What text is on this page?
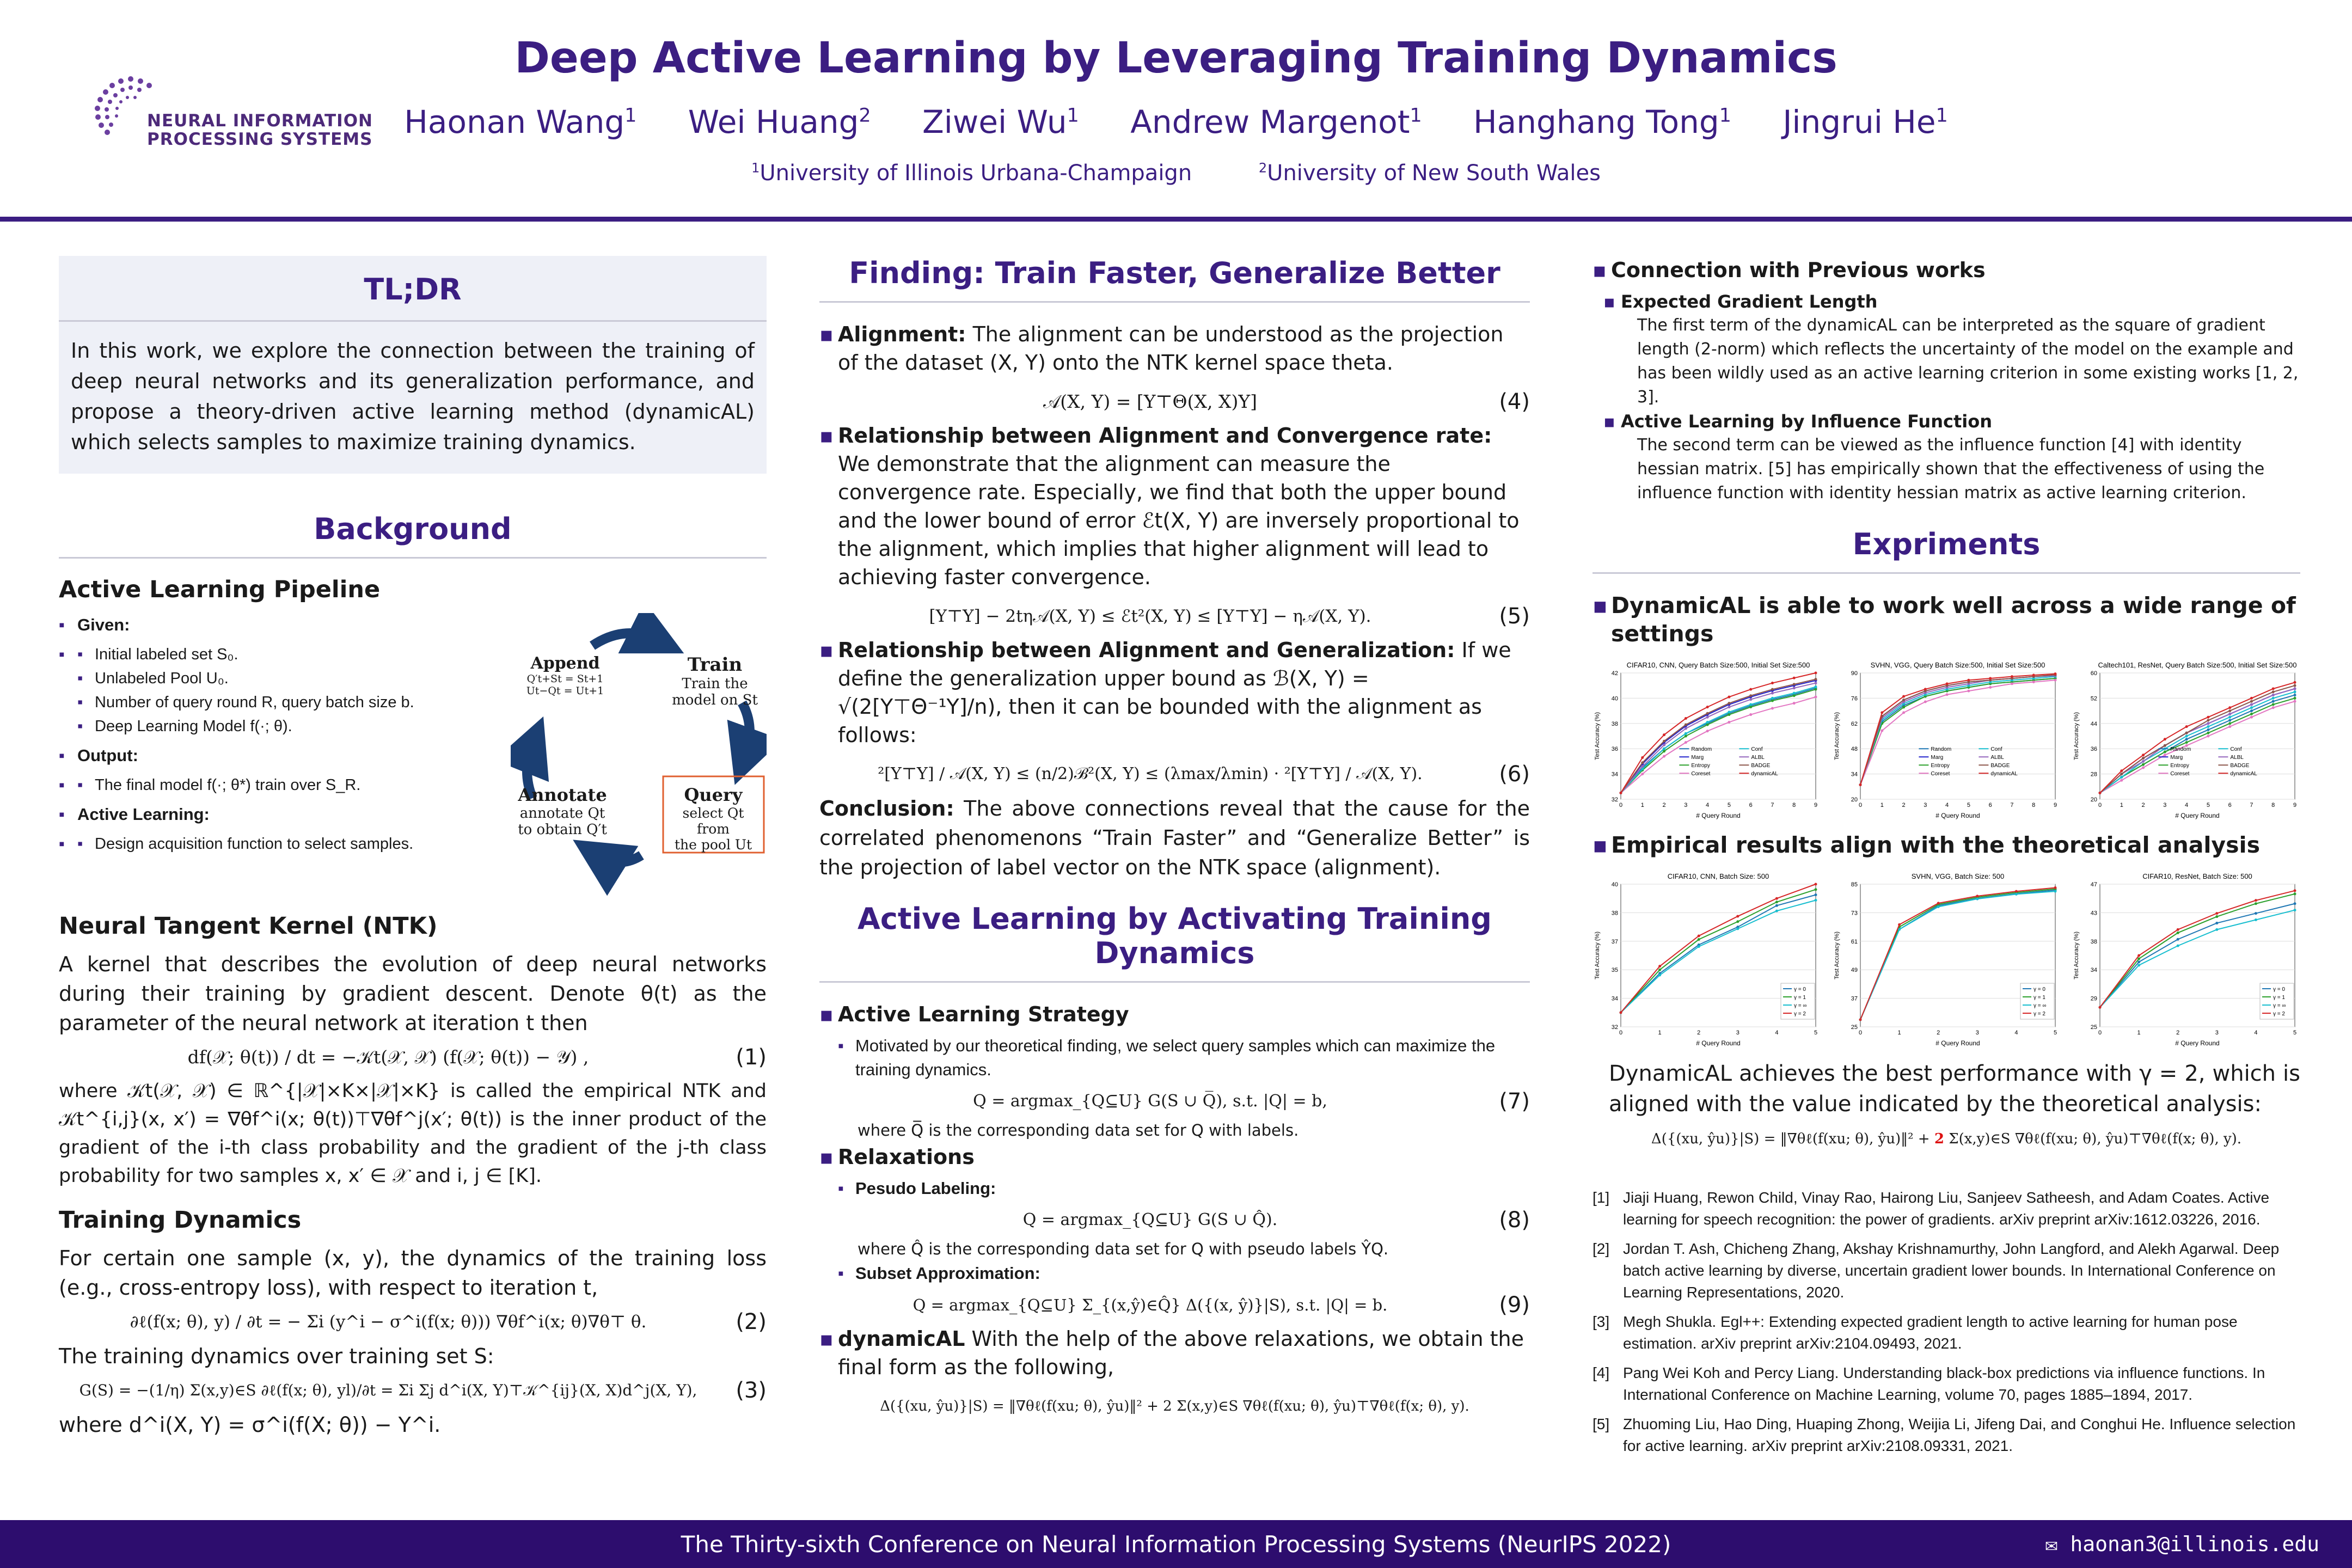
NEURAL INFORMATION
PROCESSING SYSTEMS
Deep Active Learning by Leveraging Training Dynamics
Haonan Wang$^1$ Wei Huang$^2$ Ziwei Wu$^1$ Andrew Margenot$^1$ Hanghang Tong$^1$ Jingrui He$^1$
$^1$University of Illinois Urbana-Champaign	$^2$University of New South Wales
TL;DR
In this work, we explore the connection between the training of deep neural networks and its generalization performance, and propose a theory-driven active learning method (dynamicAL) which selects samples to maximize training dynamics.
Background
Active Learning Pipeline
▪ Given:
▪ ▪ Initial labeled set S₀.
▪ Unlabeled Pool U₀.
▪ Number of query round R, query batch size b.
▪ Deep Learning Model f(·; θ).
▪ Output:
▪ ▪ The final model f(·; θ*) train over S_R.
▪ Active Learning:
▪ ▪ Design acquisition function to select samples.
Append
Q′t+St = St+1
Ut−Qt = Ut+1
Train
Train the
model on St
Annotate
annotate Qt
to obtain Q′t
Query
select Qt from
the pool Ut
Neural Tangent Kernel (NTK)

A kernel that describes the evolution of deep neural networks during their training by gradient descent. Denote θ(t) as the parameter of the neural network at iteration t then

df(𝒳; θ(t)) / dt = −𝒦t(𝒳, 𝒳) (f(𝒳; θ(t)) − 𝒴) ,	(1)

where 𝒦t(𝒳, 𝒳) ∈ ℝ^{|𝒳|×K×|𝒳|×K} is called the empirical NTK and 𝒦t^{i,j}(x, x′) = ∇θf^i(x; θ(t))⊤∇θf^j(x′; θ(t)) is the inner product of the gradient of the i-th class probability and the gradient of the j-th class probability for two samples x, x′ ∈ 𝒳 and i, j ∈ [K].

Training Dynamics

For certain one sample (x, y), the dynamics of the training loss (e.g., cross-entropy loss), with respect to iteration t,

∂ℓ(f(x; θ), y) / ∂t = − Σi (y^i − σ^i(f(x; θ))) ∇θf^i(x; θ)∇θ⊤ θ.	(2)

The training dynamics over training set S:

G(S) = −(1/η) Σ(x,y)∈S ∂ℓ(f(x; θ), yl)/∂t = Σi Σj d^i(X, Y)⊤𝒦^{ij}(X, X)d^j(X, Y), (3)

where d^i(X, Y) = σ^i(f(X; θ)) − Y^i.

Finding: Train Faster, Generalize Better
▪ Alignment: The alignment can be understood as the projection of the dataset (X, Y) onto the NTK kernel space theta.
𝒜(X, Y) = [Y⊤Θ(X, X)Y]	(4)
▪ Relationship between Alignment and Convergence rate: We demonstrate that the alignment can measure the convergence rate. Especially, we find that both the upper bound and the lower bound of error ℰt(X, Y) are inversely proportional to the alignment, which implies that higher alignment will lead to achieving faster convergence.
[Y⊤Y] − 2tη𝒜(X, Y) ≤ ℰt²(X, Y) ≤ [Y⊤Y] − η𝒜(X, Y).	(5)
▪ Relationship between Alignment and Generalization: If we define the generalization upper bound as ℬ(X, Y) = √(2[Y⊤Θ⁻¹Y]/n), then it can be bounded with the alignment as follows:
²[Y⊤Y] / 𝒜(X, Y) ≤ (n/2)ℬ²(X, Y) ≤ (λmax/λmin) · ²[Y⊤Y] / 𝒜(X, Y).	(6)

Conclusion: The above connections reveal that the cause for the correlated phenomenons “Train Faster” and “Generalize Better” is the projection of label vector on the NTK space (alignment).

Active Learning by Activating Training Dynamics
▪ Active Learning Strategy
▪ Motivated by our theoretical finding, we select query samples which can maximize the training dynamics.
Q = argmax_{Q⊆U} G(S ∪ Q̅), s.t. |Q| = b,	(7)
where Q̅ is the corresponding data set for Q with labels.
▪ Relaxations
▪ Pesudo Labeling:
Q = argmax_{Q⊆U} G(S ∪ Q̂).	(8)
where Q̂ is the corresponding data set for Q with pseudo labels ŶQ.
▪ Subset Approximation:
Q = argmax_{Q⊆U} Σ_{(x,ŷ)∈Q̂} Δ({(x, ŷ)}|S), s.t. |Q| = b.	(9)
▪ dynamicAL With the help of the above relaxations, we obtain the final form as the following,
Δ({(xu, ŷu)}|S) = ‖∇θℓ(f(xu; θ), ŷu)‖² + 2 Σ(x,y)∈S ∇θℓ(f(xu; θ), ŷu)⊤∇θℓ(f(x; θ), y).
▪ Connection with Previous works
▪ Expected Gradient Length

The first term of the dynamicAL can be interpreted as the square of gradient length (2-norm) which reflects the uncertainty of the model on the example and has been wildly used as an active learning criterion in some existing works [1, 2, 3].

▪ Active Learning by Influence Function

The second term can be viewed as the influence function [4] with identity hessian matrix. [5] has empirically shown that the effectiveness of using the influence function with identity hessian matrix as active learning criterion.

Expriments
▪ DynamicAL is able to work well across a wide range of settings
CIFAR10, CNN, Query Batch Size:500, Initial Set Size:500
32
34
36
38
40
42
0	1	2	3	4	5	6	7	8	9
# Query Round
Test Accuracy (%)	Random
Marg
Entropy
Coreset
Conf
ALBL
BADGE
dynamicAL
SVHN, VGG, Query Batch Size:500, Initial Set Size:500
20
34
48
62
76
90
0	1	2	3	4	5	6	7	8	9
# Query Round
Test Accuracy (%)	Random
Marg
Entropy
Coreset
Conf
ALBL
BADGE
dynamicAL
Caltech101, ResNet, Query Batch Size:500, Initial Set Size:500
20
28
36
44
52
60
0	1	2	3	4	5	6	7	8	9
# Query Round
Test Accuracy (%)	Random
Marg
Entropy
Coreset
Conf
ALBL
BADGE
dynamicAL
▪ Empirical results align with the theoretical analysis
CIFAR10, CNN, Batch Size: 500
32
34
35
37
38
40
0	1	2	3	4	5
# Query Round
Test Accuracy (%)
γ = 0
γ = 1
γ = ∞
γ = 2
SVHN, VGG, Batch Size: 500
25
37
49
61
73
85
0	1	2	3	4	5
# Query Round
Test Accuracy (%)
γ = 0
γ = 1
γ = ∞
γ = 2
CIFAR10, ResNet, Batch Size: 500
25
29
34
38
43
47
0	1	2	3	4	5
# Query Round
Test Accuracy (%)
γ = 0
γ = 1
γ = ∞
γ = 2

DynamicAL achieves the best performance with γ = 2, which is aligned with the value indicated by the theoretical analysis:

Δ({(xu, ŷu)}|S) = ‖∇θℓ(f(xu; θ), ŷu)‖² + 2 Σ(x,y)∈S ∇θℓ(f(xu; θ), ŷu)⊤∇θℓ(f(x; θ), y).
[1] Jiaji Huang, Rewon Child, Vinay Rao, Hairong Liu, Sanjeev Satheesh, and Adam Coates. Active learning for speech recognition: the power of gradients. arXiv preprint arXiv:1612.03226, 2016.
[2] Jordan T. Ash, Chicheng Zhang, Akshay Krishnamurthy, John Langford, and Alekh Agarwal. Deep batch active learning by diverse, uncertain gradient lower bounds. In International Conference on Learning Representations, 2020.
[3] Megh Shukla. Egl++: Extending expected gradient length to active learning for human pose estimation. arXiv preprint arXiv:2104.09493, 2021.
[4] Pang Wei Koh and Percy Liang. Understanding black-box predictions via influence functions. In International Conference on Machine Learning, volume 70, pages 1885–1894, 2017.
[5] Zhuoming Liu, Hao Ding, Huaping Zhong, Weijia Li, Jifeng Dai, and Conghui He. Influence selection for active learning. arXiv preprint arXiv:2108.09331, 2021.
The Thirty-sixth Conference on Neural Information Processing Systems (NeurIPS 2022)	✉ haonan3@illinois.edu
